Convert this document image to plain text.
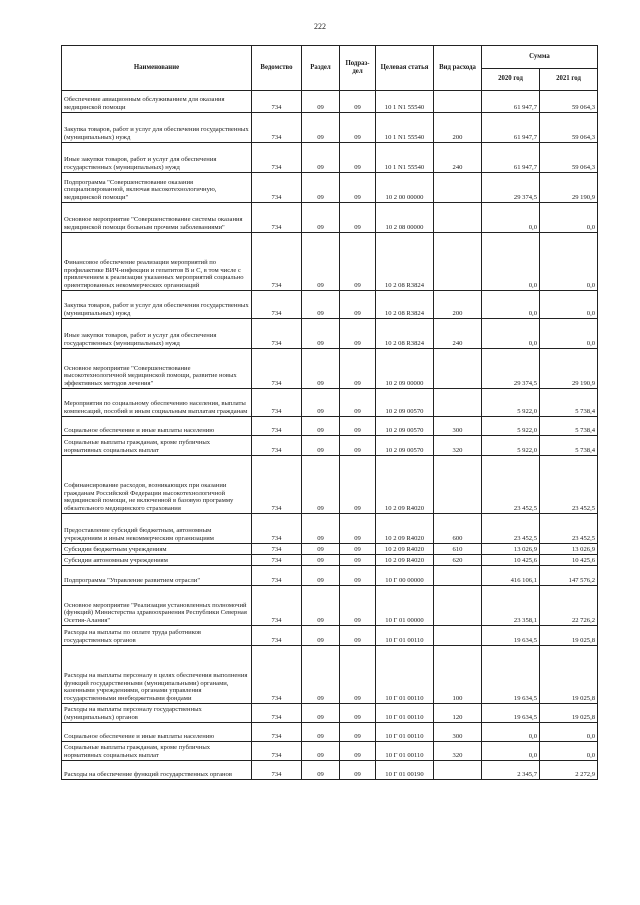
222
Наименование	Ведомство	Раздел	Подраз-дел	Целевая статья	Вид расхода	Сумма	
						2020 год	2021 год
Обеспечение авиационным обслуживанием для оказания медицинской помощи	734	09	09	10 1 N1 55540		61 947,7	59 064,3
Закупка товаров, работ и услуг для обеспечения государственных (муниципальных) нужд	734	09	09	10 1 N1 55540	200	61 947,7	59 064,3
Иные закупки товаров, работ и услуг для обеспечения государственных (муниципальных) нужд	734	09	09	10 1 N1 55540	240	61 947,7	59 064,3
Подпрограмма "Совершенствование оказания специализированной, включая высокотехнологичную, медицинской помощи"	734	09	09	10 2 00 00000		29 374,5	29 190,9
Основное мероприятие "Совершенствование системы оказания медицинской помощи больным прочими заболеваниями"	734	09	09	10 2 08 00000		0,0	0,0
Финансовое обеспечение реализации мероприятий по профилактике ВИЧ-инфекции и гепатитов В и С, в том числе с привлечением к реализации указанных мероприятий социально ориентированных некоммерческих организаций	734	09	09	10 2 08 R3824		0,0	0,0
Закупка товаров, работ и услуг для обеспечения государственных (муниципальных) нужд	734	09	09	10 2 08 R3824	200	0,0	0,0
Иные закупки товаров, работ и услуг для обеспечения государственных (муниципальных) нужд	734	09	09	10 2 08 R3824	240	0,0	0,0
Основное мероприятие "Совершенствование высокотехнологичной медицинской помощи, развитие новых эффективных методов лечения"	734	09	09	10 2 09 00000		29 374,5	29 190,9
Мероприятия по социальному обеспечению населения, выплаты компенсаций, пособий и иным социальным выплатам гражданам	734	09	09	10 2 09 00570		5 922,0	5 738,4
Социальное обеспечение и иные выплаты населению	734	09	09	10 2 09 00570	300	5 922,0	5 738,4
Социальные выплаты гражданам, кроме публичных нормативных социальных выплат	734	09	09	10 2 09 00570	320	5 922,0	5 738,4
Софинансирование расходов, возникающих при оказании гражданам Российской Федерации высокотехнологичной медицинской помощи, не включенной в базовую программу обязательного медицинского страхования	734	09	09	10 2 09 R4020		23 452,5	23 452,5
Предоставление субсидий бюджетным, автономным учреждениям и иным некоммерческим организациям	734	09	09	10 2 09 R4020	600	23 452,5	23 452,5
Субсидии бюджетным учреждениям	734	09	09	10 2 09 R4020	610	13 026,9	13 026,9
Субсидии автономным учреждениям	734	09	09	10 2 09 R4020	620	10 425,6	10 425,6
Подпрограмма "Управление развитием отрасли"	734	09	09	10 Г 00 00000		416 106,1	147 576,2
Основное мероприятие "Реализация установленных полномочий (функций) Министерства здравоохранения Республики Северная Осетия-Алания"	734	09	09	10 Г 01 00000		23 358,1	22 726,2
Расходы на выплаты по оплате труда работников государственных органов	734	09	09	10 Г 01 00110		19 634,5	19 025,8
Расходы на выплаты персоналу в целях обеспечения выполнения функций государственными (муниципальными) органами, казенными учреждениями, органами управления государственными внебюджетными фондами	734	09	09	10 Г 01 00110	100	19 634,5	19 025,8
Расходы на выплаты персоналу государственных (муниципальных) органов	734	09	09	10 Г 01 00110	120	19 634,5	19 025,8
Социальное обеспечение и иные выплаты населению	734	09	09	10 Г 01 00110	300	0,0	0,0
Социальные выплаты гражданам, кроме публичных нормативных социальных выплат	734	09	09	10 Г 01 00110	320	0,0	0,0
Расходы на обеспечение функций государственных органов	734	09	09	10 Г 01 00190		2 345,7	2 272,9
